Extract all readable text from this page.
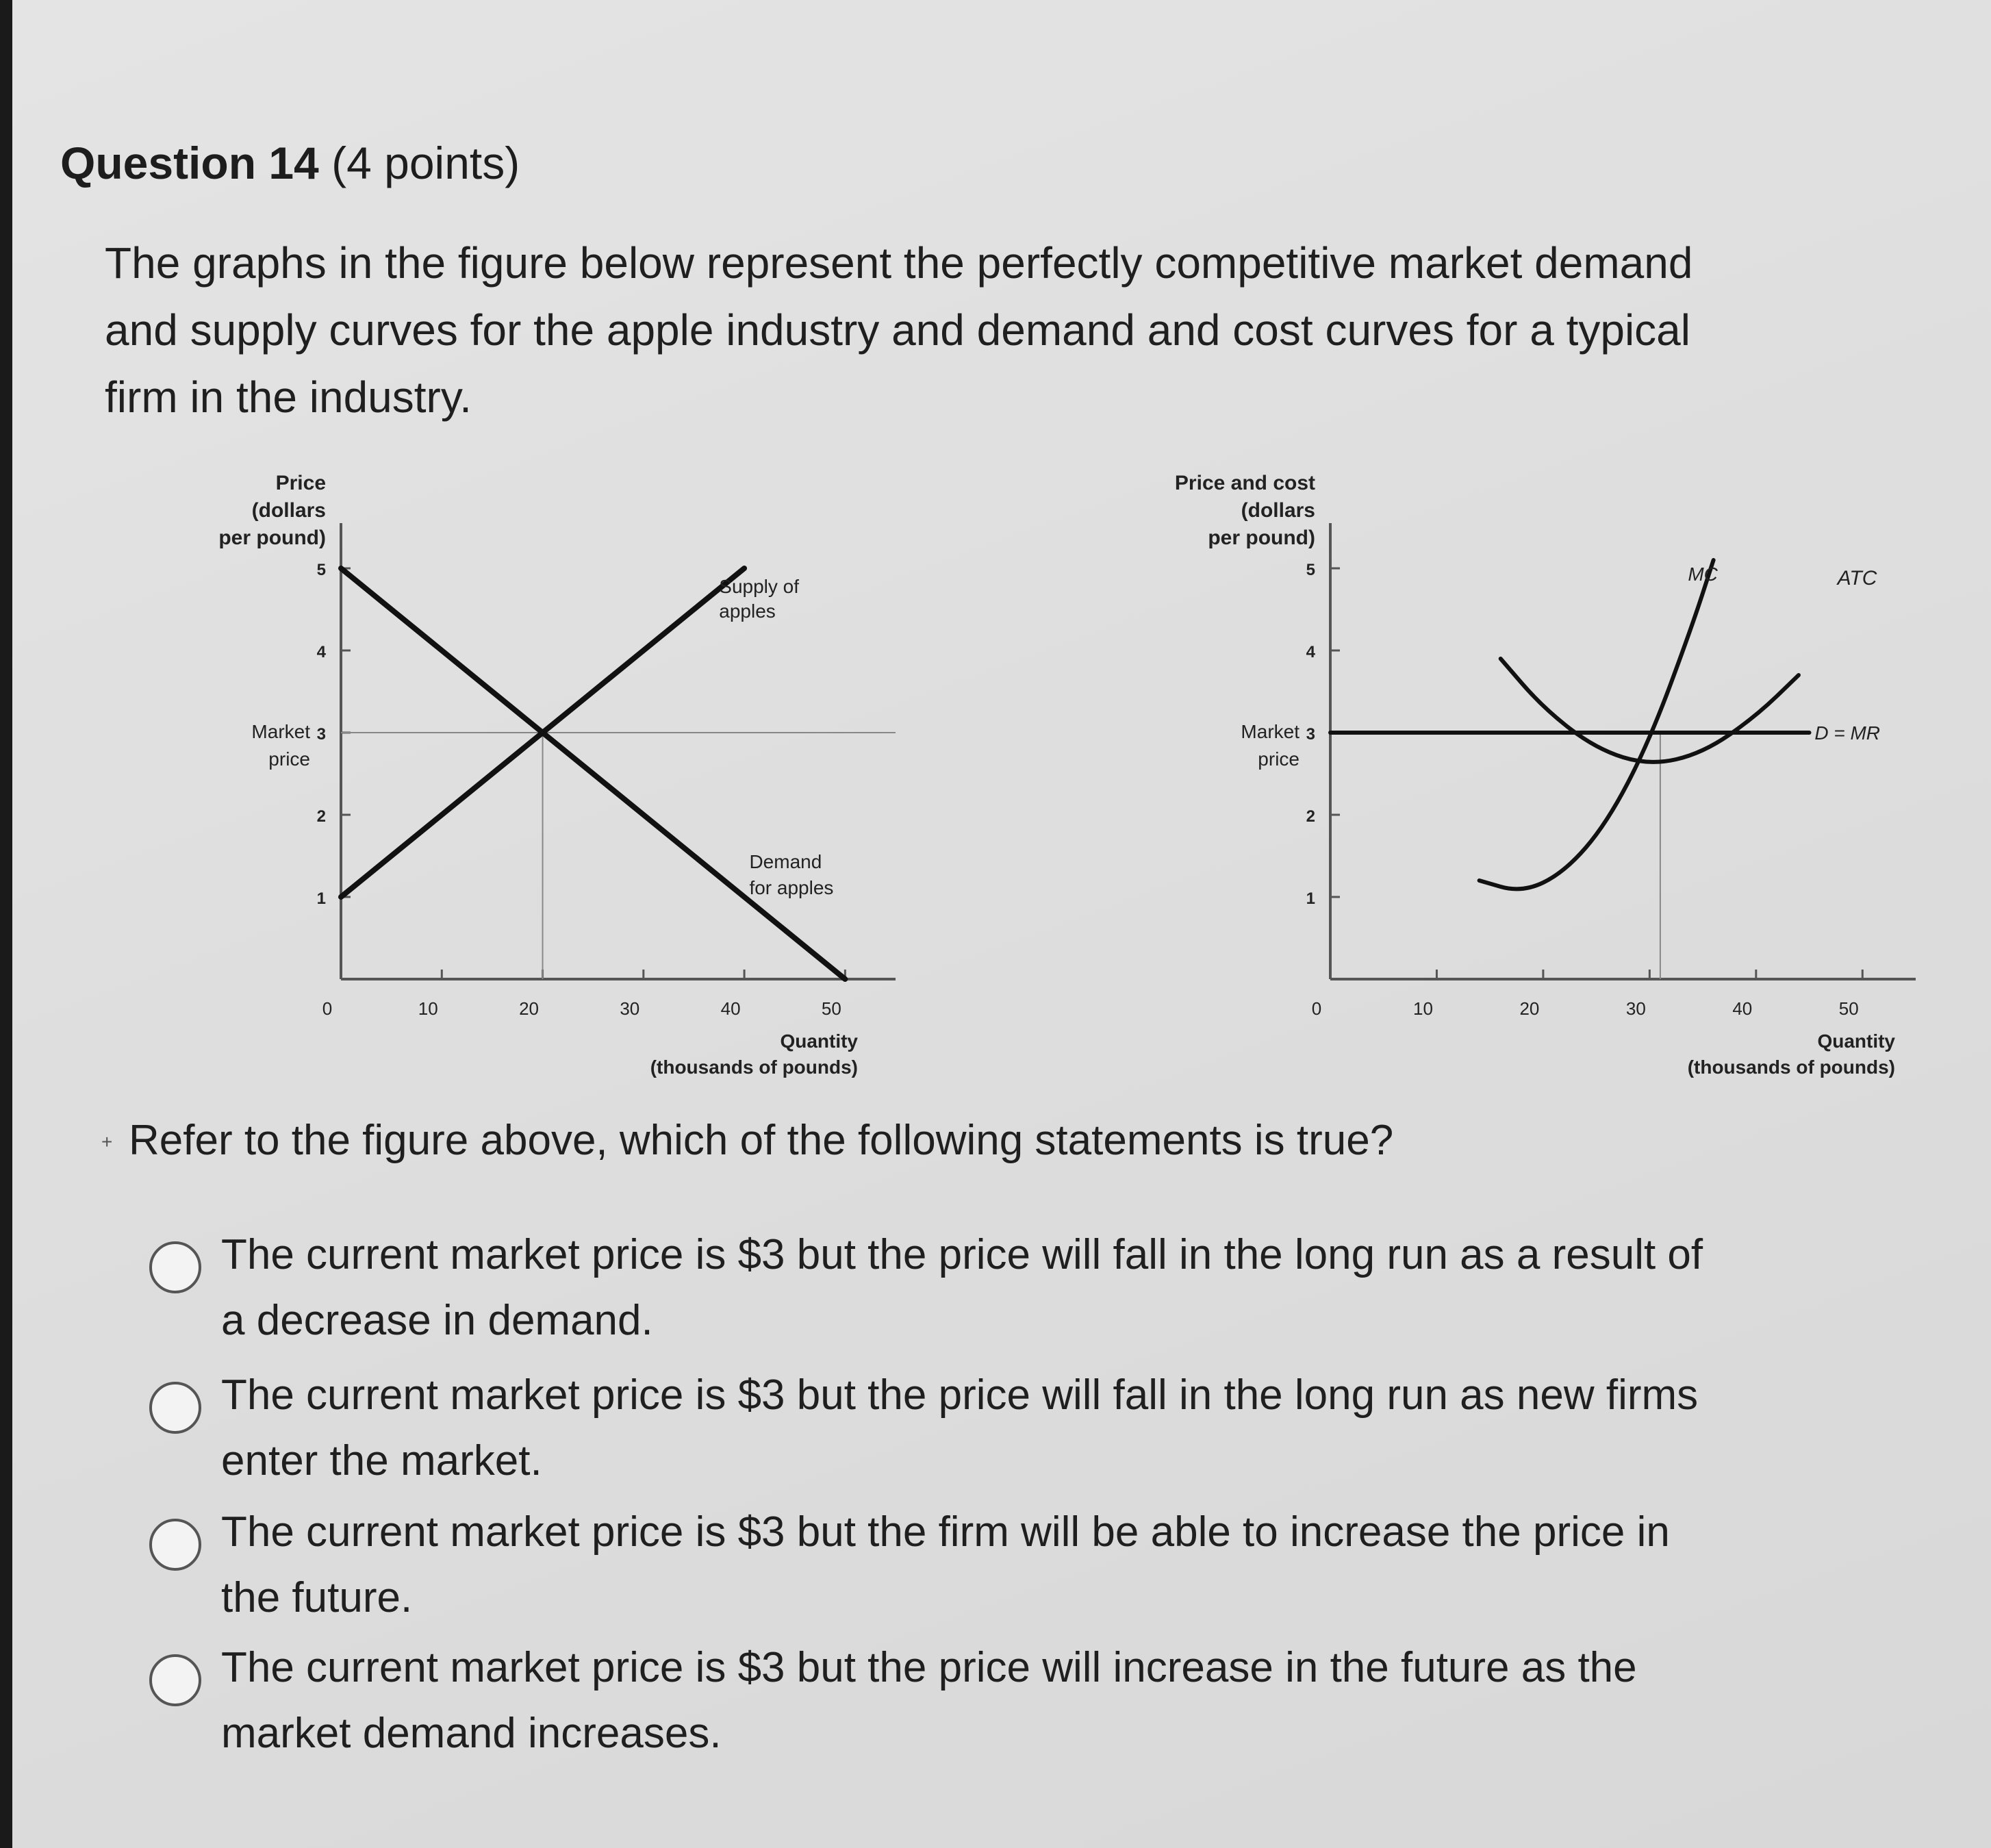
Question 14 (4 points)
The graphs in the figure below represent the perfectly competitive market demand
and supply curves for the apple industry and demand and cost curves for a typical
firm in the industry.
Price
(dollars
per pound)
1
2
3
4
5
0	10	20	30	40	50
Quantity
(thousands of pounds)
Market
price
Supply of
apples
Demand
for apples
Price and cost
(dollars
per pound)
1
2
3
4
5
0	10	20	30	40	50
Quantity
(thousands of pounds)
Market
price
MC	ATC
D = MR
+ Refer to the figure above, which of the following statements is true?
The current market price is $3 but the price will fall in the long run as a result of
a decrease in demand.
The current market price is $3 but the price will fall in the long run as new firms
enter the market.
The current market price is $3 but the firm will be able to increase the price in
the future.
The current market price is $3 but the price will increase in the future as the
market demand increases.
